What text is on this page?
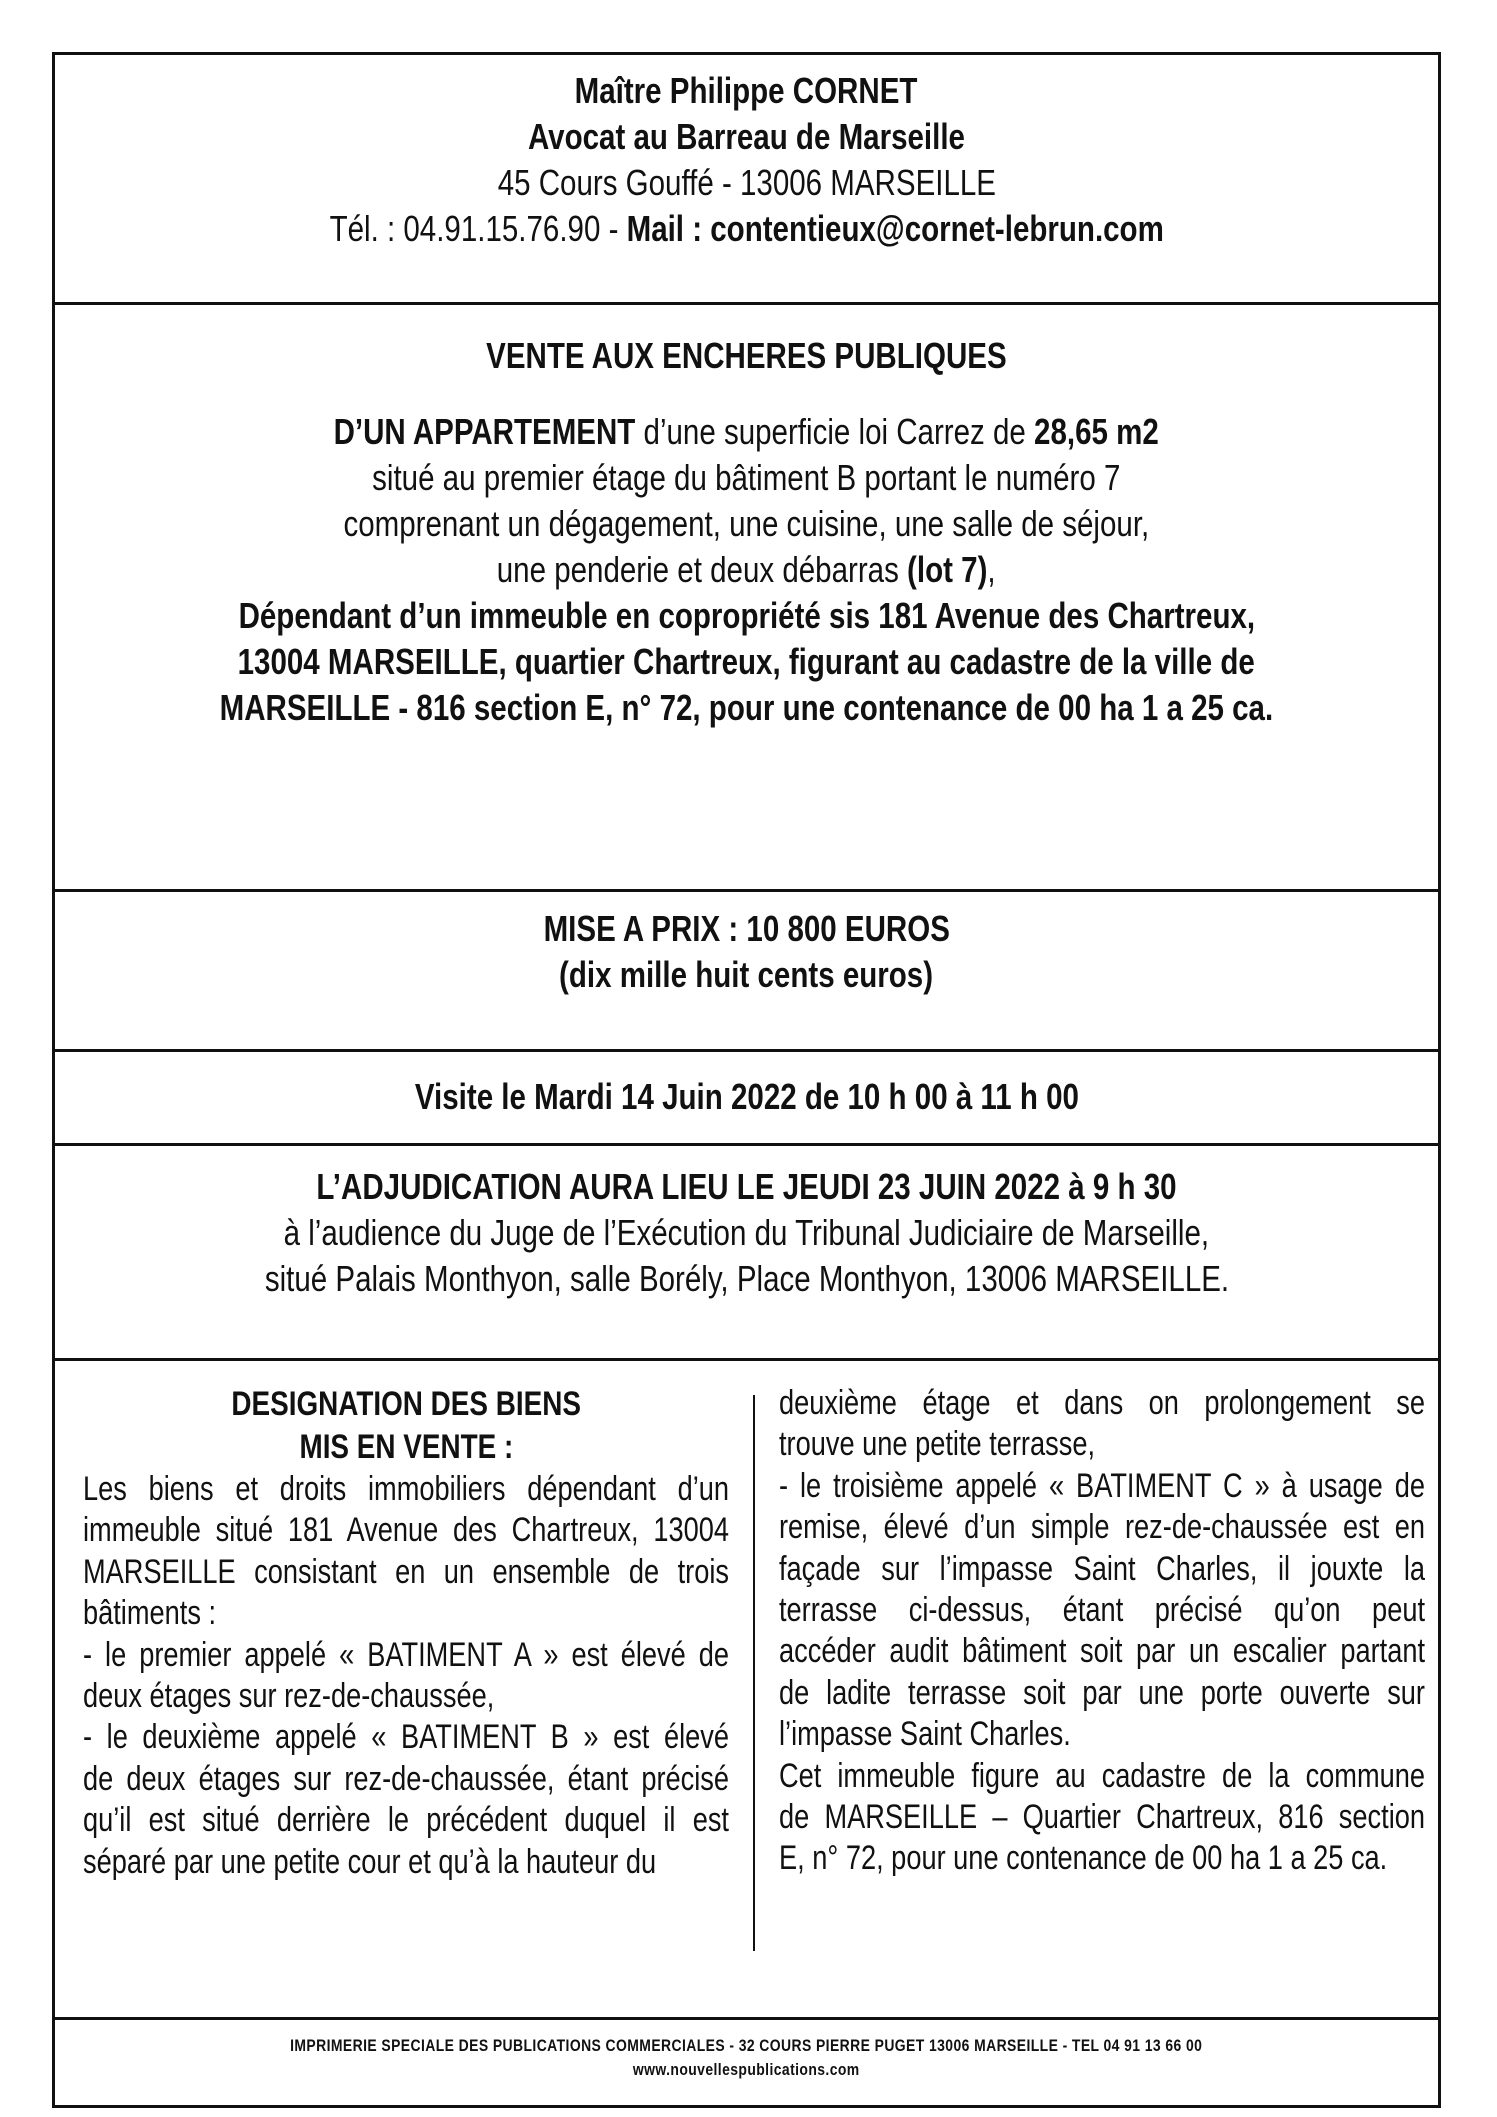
Maître Philippe CORNET
Avocat au Barreau de Marseille
45 Cours Gouffé - 13006 MARSEILLE
Tél. : 04.91.15.76.90 - Mail : contentieux@cornet-lebrun.com
VENTE AUX ENCHERES PUBLIQUES
D’UN APPARTEMENT d’une superficie loi Carrez de 28,65 m2
situé au premier étage du bâtiment B portant le numéro 7
comprenant un dégagement, une cuisine, une salle de séjour,
une penderie et deux débarras (lot 7),
Dépendant d’un immeuble en copropriété sis 181 Avenue des Chartreux,
13004 MARSEILLE, quartier Chartreux, figurant au cadastre de la ville de
MARSEILLE - 816 section E, n° 72, pour une contenance de 00 ha 1 a 25 ca.
MISE A PRIX : 10 800 EUROS
(dix mille huit cents euros)
Visite le Mardi 14 Juin 2022 de 10 h 00 à 11 h 00
L’ADJUDICATION AURA LIEU LE JEUDI 23 JUIN 2022 à 9 h 30
à l’audience du Juge de l’Exécution du Tribunal Judiciaire de Marseille,
situé Palais Monthyon, salle Borély, Place Monthyon, 13006 MARSEILLE.
DESIGNATION DES BIENS
MIS EN VENTE :

Les biens et droits immobiliers dépendant d’un
immeuble situé 181 Avenue des Chartreux, 13004
MARSEILLE consistant en un ensemble de trois
bâtiments :
- le premier appelé « BATIMENT A » est élevé de
deux étages sur rez-de-chaussée,
- le deuxième appelé « BATIMENT B » est élevé
de deux étages sur rez-de-chaussée, étant précisé
qu’il est situé derrière le précédent duquel il est
séparé par une petite cour et qu’à la hauteur du

deuxième étage et dans on prolongement se
trouve une petite terrasse,
- le troisième appelé « BATIMENT C » à usage de
remise, élevé d’un simple rez-de-chaussée est en
façade sur l’impasse Saint Charles, il jouxte la
terrasse ci-dessus, étant précisé qu’on peut
accéder audit bâtiment soit par un escalier partant
de ladite terrasse soit par une porte ouverte sur
l’impasse Saint Charles.
Cet immeuble figure au cadastre de la commune
de MARSEILLE – Quartier Chartreux, 816 section
E, n° 72, pour une contenance de 00 ha 1 a 25 ca.

IMPRIMERIE SPECIALE DES PUBLICATIONS COMMERCIALES - 32 COURS PIERRE PUGET 13006 MARSEILLE - TEL 04 91 13 66 00
www.nouvellespublications.com
